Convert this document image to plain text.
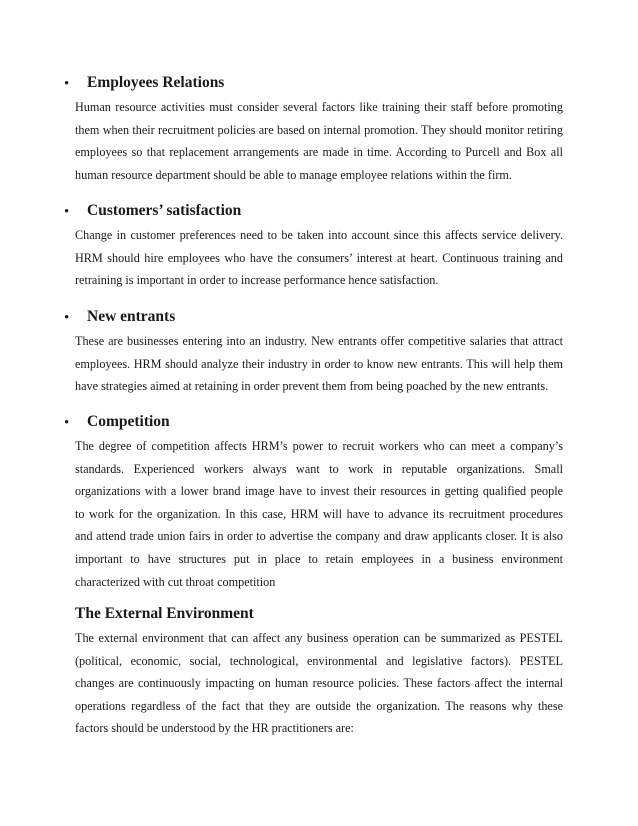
• Employees Relations
Human resource activities must consider several factors like training their staff before promoting
them when their recruitment policies are based on internal promotion. They should monitor retiring
employees so that replacement arrangements are made in time. According to Purcell and Box all
human resource department should be able to manage employee relations within the firm.
• Customers’ satisfaction
Change in customer preferences need to be taken into account since this affects service delivery.
HRM should hire employees who have the consumers’ interest at heart. Continuous training and
retraining is important in order to increase performance hence satisfaction.
• New entrants
These are businesses entering into an industry. New entrants offer competitive salaries that attract
employees. HRM should analyze their industry in order to know new entrants. This will help them
have strategies aimed at retaining in order prevent them from being poached by the new entrants.
• Competition
The degree of competition affects HRM’s power to recruit workers who can meet a company’s
standards. Experienced workers always want to work in reputable organizations. Small
organizations with a lower brand image have to invest their resources in getting qualified people
to work for the organization. In this case, HRM will have to advance its recruitment procedures
and attend trade union fairs in order to advertise the company and draw applicants closer. It is also
important to have structures put in place to retain employees in a business environment
characterized with cut throat competition
The External Environment
The external environment that can affect any business operation can be summarized as PESTEL
(political, economic, social, technological, environmental and legislative factors). PESTEL
changes are continuously impacting on human resource policies. These factors affect the internal
operations regardless of the fact that they are outside the organization. The reasons why these
factors should be understood by the HR practitioners are:
